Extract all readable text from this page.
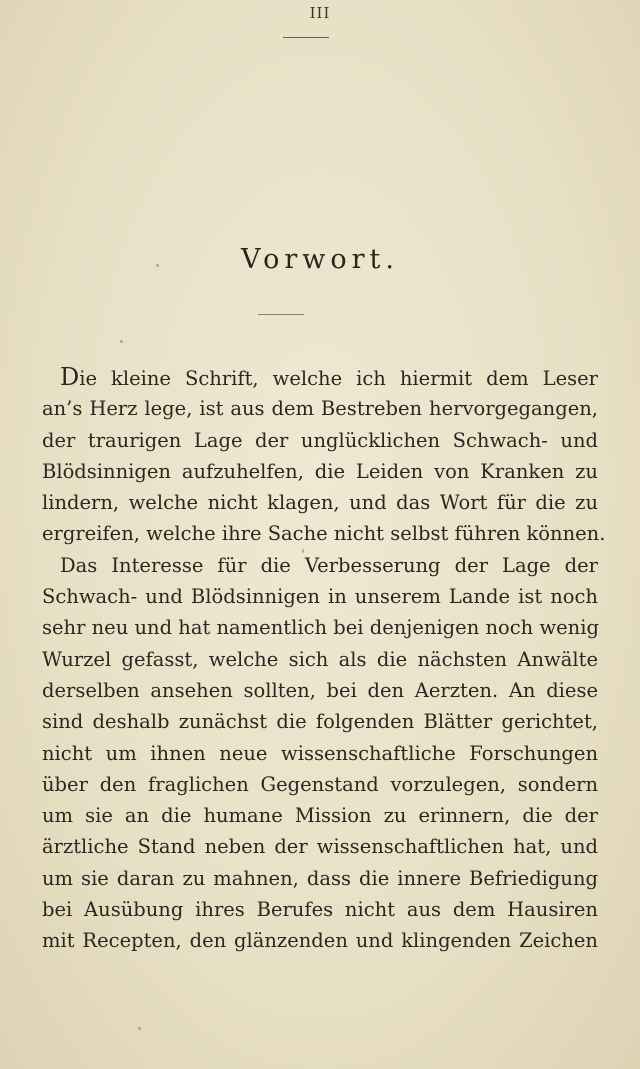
III
Vorwort.
Die kleine Schrift, welche ich hiermit dem Leser
an’s Herz lege, ist aus dem Bestreben hervorgegangen,
der traurigen Lage der unglücklichen Schwach- und
Blödsinnigen aufzuhelfen, die Leiden von Kranken zu
lindern, welche nicht klagen, und das Wort für die zu
ergreifen, welche ihre Sache nicht selbst führen können.
Das Interesse für die Verbesserung der Lage der
Schwach- und Blödsinnigen in unserem Lande ist noch
sehr neu und hat namentlich bei denjenigen noch wenig
Wurzel gefasst, welche sich als die nächsten Anwälte
derselben ansehen sollten, bei den Aerzten. An diese
sind deshalb zunächst die folgenden Blätter gerichtet,
nicht um ihnen neue wissenschaftliche Forschungen
über den fraglichen Gegenstand vorzulegen, sondern
um sie an die humane Mission zu erinnern, die der
ärztliche Stand neben der wissenschaftlichen hat, und
um sie daran zu mahnen, dass die innere Befriedigung
bei Ausübung ihres Berufes nicht aus dem Hausiren
mit Recepten, den glänzenden und klingenden Zeichen
